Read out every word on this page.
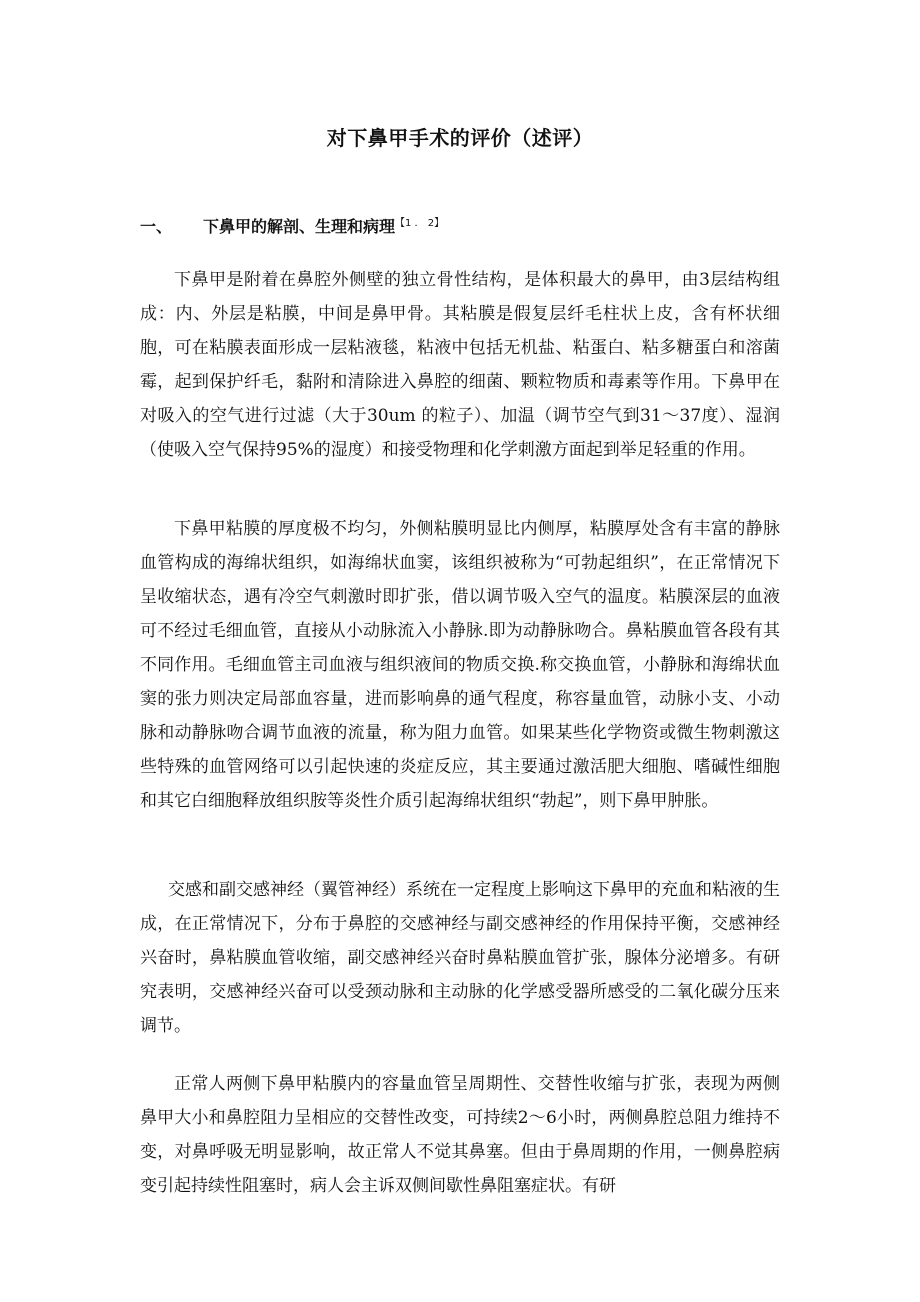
对下鼻甲手术的评价（述评）
一、 下鼻甲的解剖、生理和病理$^{【1 . 2】}$

下鼻甲是附着在鼻腔外侧壁的独立骨性结构，是体积最大的鼻甲，由3层结构组成：内、外层是粘膜，中间是鼻甲骨。其粘膜是假复层纤毛柱状上皮，含有杯状细胞，可在粘膜表面形成一层粘液毯，粘液中包括无机盐、粘蛋白、粘多糖蛋白和溶菌霉，起到保护纤毛，黏附和清除进入鼻腔的细菌、颗粒物质和毒素等作用。下鼻甲在对吸入的空气进行过滤（大于30um 的粒子）、加温（调节空气到31～37度）、湿润（使吸入空气保持95%的湿度）和接受物理和化学刺激方面起到举足轻重的作用。

下鼻甲粘膜的厚度极不均匀，外侧粘膜明显比内侧厚，粘膜厚处含有丰富的静脉血管构成的海绵状组织，如海绵状血窦，该组织被称为“可勃起组织”，在正常情况下呈收缩状态，遇有冷空气刺激时即扩张，借以调节吸入空气的温度。粘膜深层的血液可不经过毛细血管，直接从小动脉流入小静脉.即为动静脉吻合。鼻粘膜血管各段有其不同作用。毛细血管主司血液与组织液间的物质交换.称交换血管，小静脉和海绵状血窦的张力则决定局部血容量，进而影响鼻的通气程度，称容量血管，动脉小支、小动脉和动静脉吻合调节血液的流量，称为阻力血管。如果某些化学物资或微生物刺激这些特殊的血管网络可以引起快速的炎症反应，其主要通过激活肥大细胞、嗜碱性细胞和其它白细胞释放组织胺等炎性介质引起海绵状组织“勃起”，则下鼻甲肿胀。

交感和副交感神经（翼管神经）系统在一定程度上影响这下鼻甲的充血和粘液的生成，在正常情况下，分布于鼻腔的交感神经与副交感神经的作用保持平衡，交感神经兴奋时，鼻粘膜血管收缩，副交感神经兴奋时鼻粘膜血管扩张，腺体分泌增多。有研究表明，交感神经兴奋可以受颈动脉和主动脉的化学感受器所感受的二氧化碳分压来调节。

正常人两侧下鼻甲粘膜内的容量血管呈周期性、交替性收缩与扩张，表现为两侧鼻甲大小和鼻腔阻力呈相应的交替性改变，可持续2～6小时，两侧鼻腔总阻力维持不变，对鼻呼吸无明显影响，故正常人不觉其鼻塞。但由于鼻周期的作用，一侧鼻腔病变引起持续性阻塞时，病人会主诉双侧间歇性鼻阻塞症状。有研
